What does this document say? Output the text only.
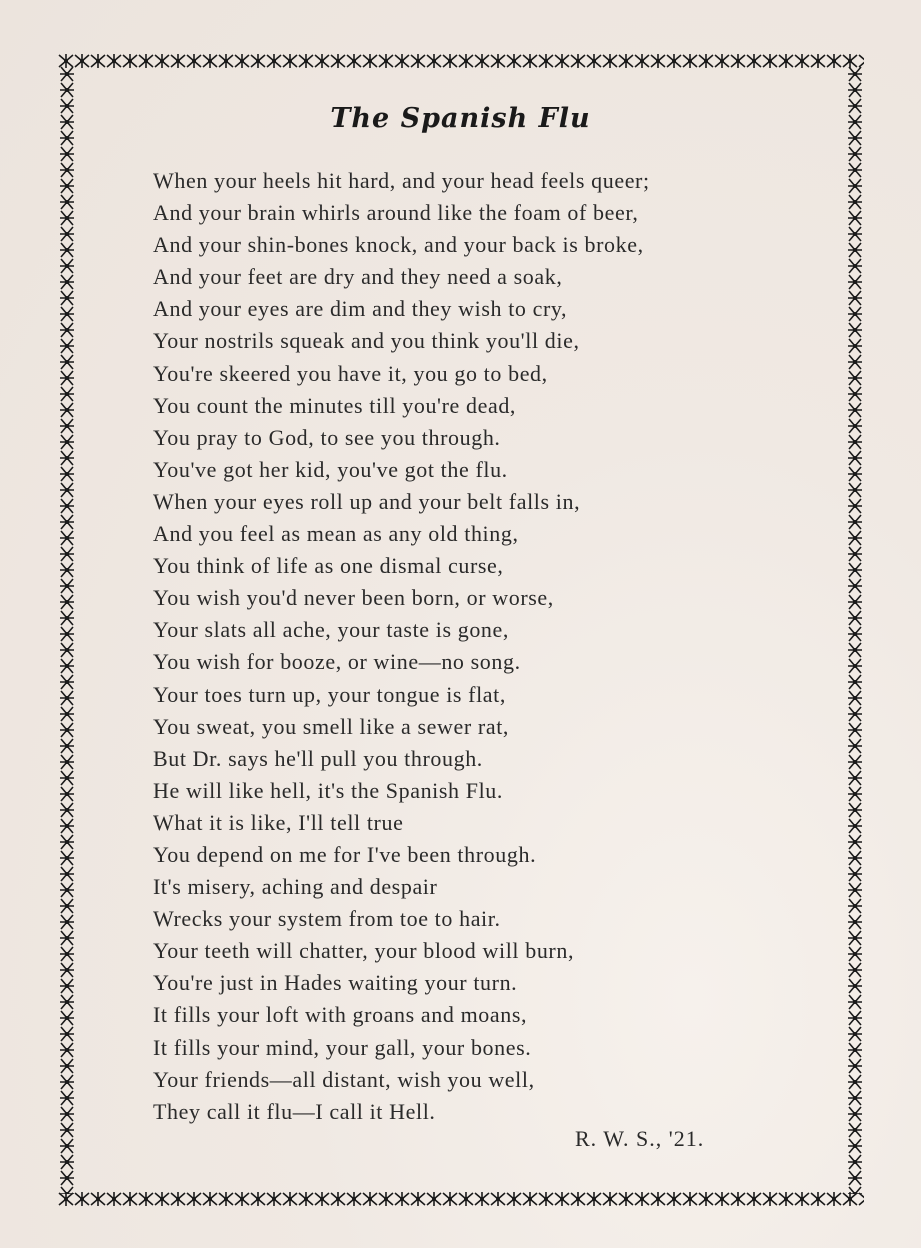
The Spanish Flu
When your heels hit hard, and your head feels queer;
And your brain whirls around like the foam of beer,
And your shin-bones knock, and your back is broke,
And your feet are dry and they need a soak,
And your eyes are dim and they wish to cry,
Your nostrils squeak and you think you'll die,
You're skeered you have it, you go to bed,
You count the minutes till you're dead,
You pray to God, to see you through.
You've got her kid, you've got the flu.
When your eyes roll up and your belt falls in,
And you feel as mean as any old thing,
You think of life as one dismal curse,
You wish you'd never been born, or worse,
Your slats all ache, your taste is gone,
You wish for booze, or wine—no song.
Your toes turn up, your tongue is flat,
You sweat, you smell like a sewer rat,
But Dr. says he'll pull you through.
He will like hell, it's the Spanish Flu.
What it is like, I'll tell true
You depend on me for I've been through.
It's misery, aching and despair
Wrecks your system from toe to hair.
Your teeth will chatter, your blood will burn,
You're just in Hades waiting your turn.
It fills your loft with groans and moans,
It fills your mind, your gall, your bones.
Your friends—all distant, wish you well,
They call it flu—I call it Hell.
R. W. S., '21.
